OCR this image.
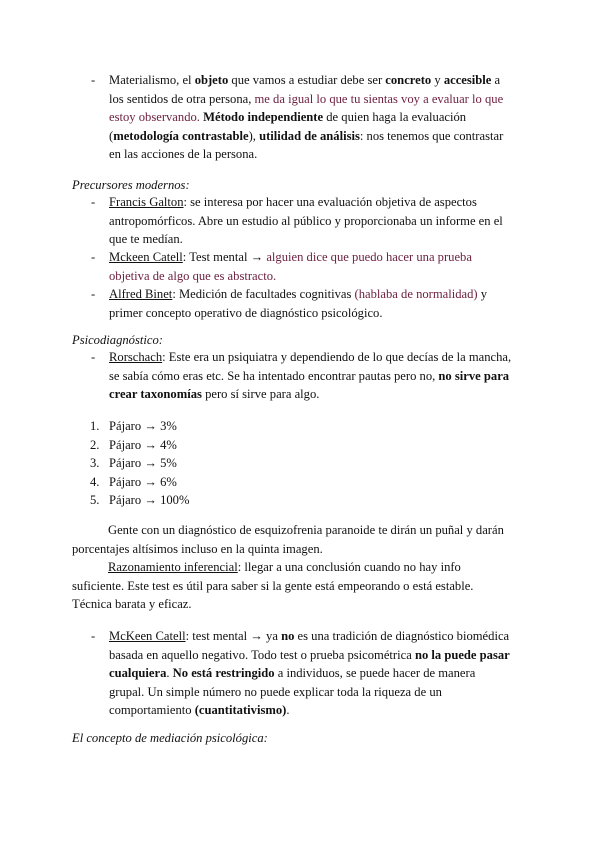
- Materialismo, el objeto que vamos a estudiar debe ser concreto y accesible a
los sentidos de otra persona, me da igual lo que tu sientas voy a evaluar lo que
estoy observando. Método independiente de quien haga la evaluación
(metodología contrastable), utilidad de análisis: nos tenemos que contrastar
en las acciones de la persona.
Precursores modernos:
- Francis Galton: se interesa por hacer una evaluación objetiva de aspectos
antropomórficos. Abre un estudio al público y proporcionaba un informe en el
que te medían.
- Mckeen Catell: Test mental → alguien dice que puedo hacer una prueba
objetiva de algo que es abstracto.
- Alfred Binet: Medición de facultades cognitivas (hablaba de normalidad) y
primer concepto operativo de diagnóstico psicológico.
Psicodiagnóstico:
- Rorschach: Este era un psiquiatra y dependiendo de lo que decías de la mancha,
se sabía cómo eras etc. Se ha intentado encontrar pautas pero no, no sirve para
crear taxonomías pero sí sirve para algo.
1. Pájaro → 3%
2. Pájaro → 4%
3. Pájaro → 5%
4. Pájaro → 6%
5. Pájaro → 100%
Gente con un diagnóstico de esquizofrenia paranoide te dirán un puñal y darán
porcentajes altísimos incluso en la quinta imagen.
Razonamiento inferencial: llegar a una conclusión cuando no hay info
suficiente. Este test es útil para saber si la gente está empeorando o está estable.
Técnica barata y eficaz.
- McKeen Catell: test mental → ya no es una tradición de diagnóstico biomédica
basada en aquello negativo. Todo test o prueba psicométrica no la puede pasar
cualquiera. No está restringido a individuos, se puede hacer de manera
grupal. Un simple número no puede explicar toda la riqueza de un
comportamiento (cuantitativismo).
El concepto de mediación psicológica:
